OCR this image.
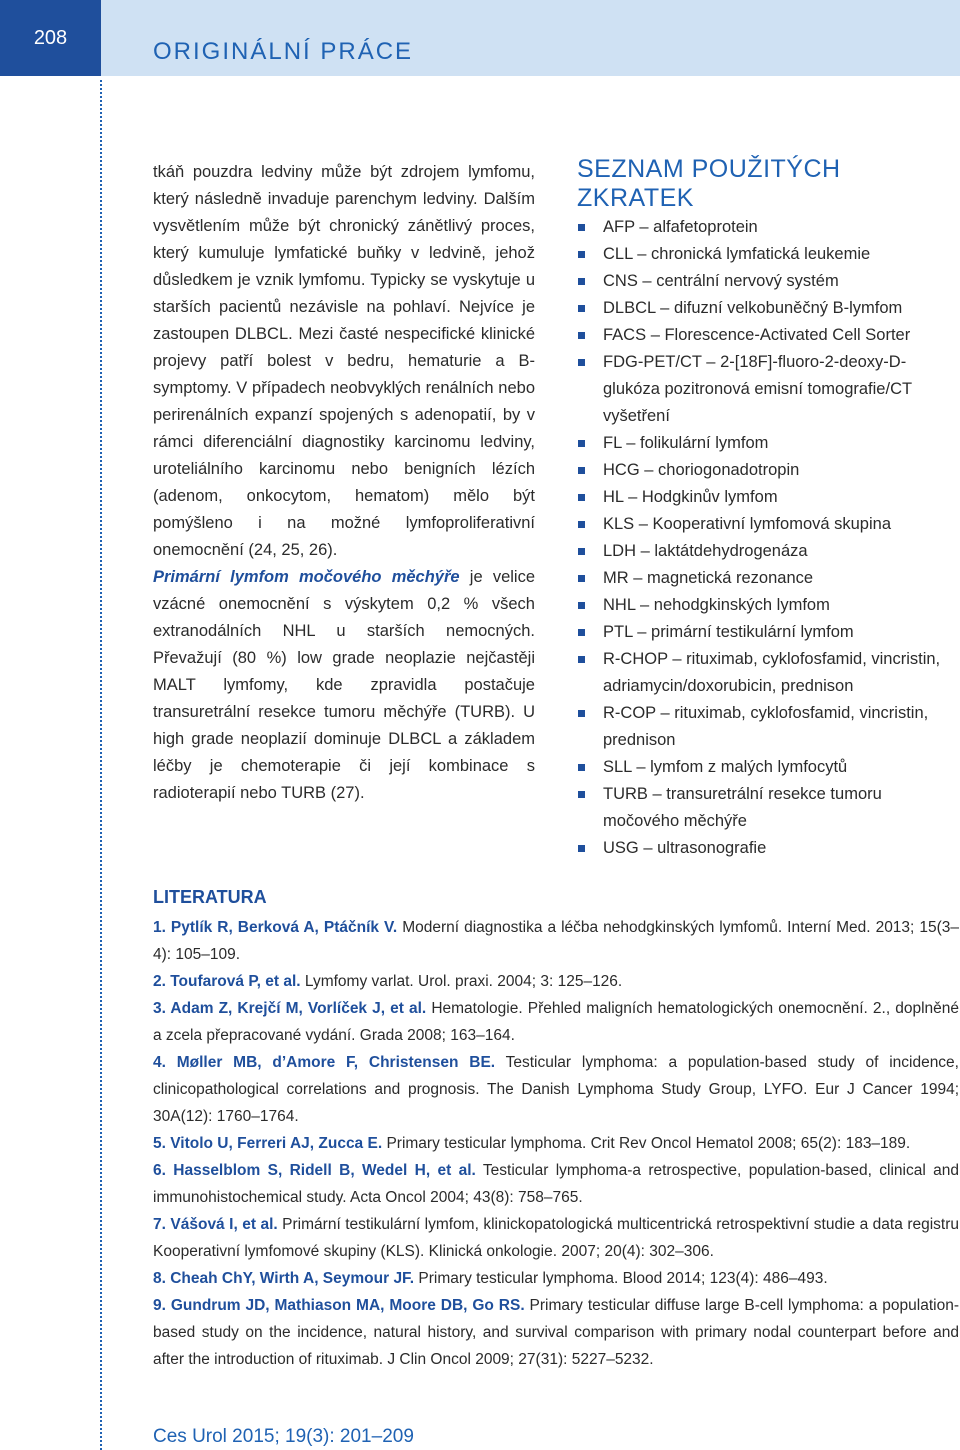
208
ORIGINÁLNÍ PRÁCE

tkáň pouzdra ledviny může být zdrojem lymfomu, který následně invaduje parenchym ledviny. Dalším vysvětlením může být chronický zánětlivý proces, který kumuluje lymfatické buňky v ledvině, jehož důsledkem je vznik lymfomu. Typicky se vyskytuje u starších pacientů nezávisle na pohlaví. Nejvíce je zastoupen DLBCL. Mezi časté nespecifické klinické projevy patří bolest v bedru, hematurie a B-symptomy. V případech neobvyklých renálních nebo perirenálních expanzí spojených s adenopatií, by v rámci diferenciální diagnostiky karcinomu ledviny, uroteliálního karcinomu nebo benigních lézích (adenom, onkocytom, hematom) mělo být pomýšleno i na možné lymfoproliferativní onemocnění (24, 25, 26).

Primární lymfom močového měchýře je velice vzácné onemocnění s výskytem 0,2 % všech extranodálních NHL u starších nemocných. Převažují (80 %) low grade neoplazie nejčastěji MALT lymfomy, kde zpravidla postačuje transuretrální resekce tumoru měchýře (TURB). U high grade neoplazií dominuje DLBCL a základem léčby je chemoterapie či její kombinace s radioterapií nebo TURB (27).

SEZNAM POUŽITÝCH ZKRATEK
AFP – alfafetoprotein
CLL – chronická lymfatická leukemie
CNS – centrální nervový systém
DLBCL – difuzní velkobuněčný B-lymfom
FACS – Florescence-Activated Cell Sorter
FDG-PET/CT – 2-[18F]-fluoro-2-deoxy-D-glukóza pozitronová emisní tomografie/CT vyšetření
FL – folikulární lymfom
HCG – choriogonadotropin
HL – Hodgkinův lymfom
KLS – Kooperativní lymfomová skupina
LDH – laktátdehydrogenáza
MR – magnetická rezonance
NHL – nehodgkinských lymfom
PTL – primární testikulární lymfom
R-CHOP – rituximab, cyklofosfamid, vincristin, adriamycin/doxorubicin, prednison
R-COP – rituximab, cyklofosfamid, vincristin, prednison
SLL – lymfom z malých lymfocytů
TURB – transuretrální resekce tumoru močového měchýře
USG – ultrasonografie
LITERATURA

1. Pytlík R, Berková A, Ptáčník V. Moderní diagnostika a léčba nehodgkinských lymfomů. Interní Med. 2013; 15(3–4): 105–109.

2. Toufarová P, et al. Lymfomy varlat. Urol. praxi. 2004; 3: 125–126.

3. Adam Z, Krejčí M, Vorlíček J, et al. Hematologie. Přehled maligních hematologických onemocnění. 2., doplněné a zcela přepracované vydání. Grada 2008; 163–164.

4. Møller MB, d’Amore F, Christensen BE. Testicular lymphoma: a population-based study of incidence, clinicopathological correlations and prognosis. The Danish Lymphoma Study Group, LYFO. Eur J Cancer 1994; 30A(12): 1760–1764.

5. Vitolo U, Ferreri AJ, Zucca E. Primary testicular lymphoma. Crit Rev Oncol Hematol 2008; 65(2): 183–189.

6. Hasselblom S, Ridell B, Wedel H, et al. Testicular lymphoma-a retrospective, population-based, clinical and immunohistochemical study. Acta Oncol 2004; 43(8): 758–765.

7. Vášová I, et al. Primární testikulární lymfom, klinickopatologická multicentrická retrospektivní studie a data registru Kooperativní lymfomové skupiny (KLS). Klinická onkologie. 2007; 20(4): 302–306.

8. Cheah ChY, Wirth A, Seymour JF. Primary testicular lymphoma. Blood 2014; 123(4): 486–493.

9. Gundrum JD, Mathiason MA, Moore DB, Go RS. Primary testicular diffuse large B-cell lymphoma: a population-based study on the incidence, natural history, and survival comparison with primary nodal counterpart before and after the introduction of rituximab. J Clin Oncol 2009; 27(31): 5227–5232.

Ces Urol 2015; 19(3): 201–209
